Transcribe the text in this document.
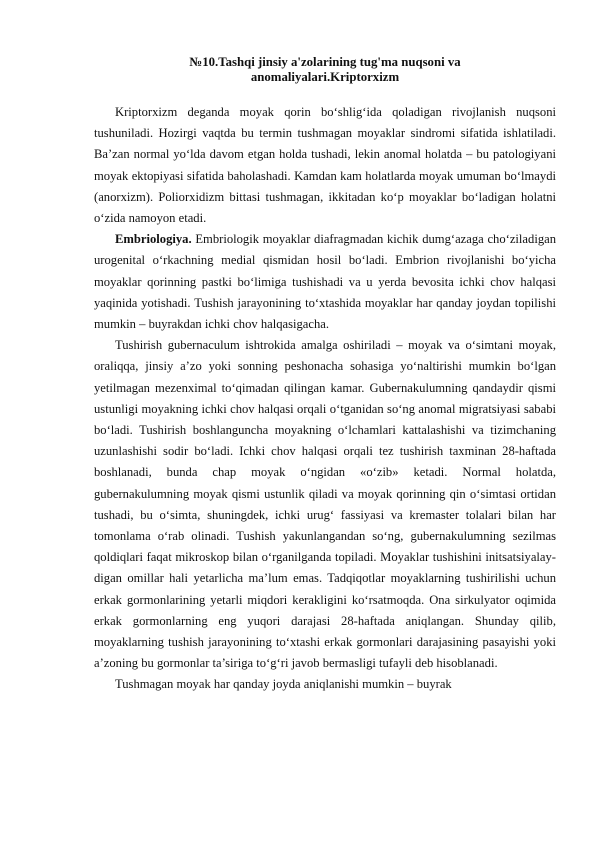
№10.Tashqi jinsiy a'zolarining tug'ma nuqsoni va
anomaliyalari.Kriptorxizm

Kriptorxizm deganda moyak qorin bo‘shlig‘ida qoladigan rivojlanish nuqsoni tushuniladi. Hozirgi vaqtda bu termin tushmagan moyaklar sindromi sifatida ishlatiladi. Ba’zan normal yo‘lda davom etgan holda tushadi, lekin anomal holatda – bu patologiyani moyak ektopiyasi sifatida baholashadi. Kamdan kam holatlarda moyak umuman bo‘lmaydi (anorxizm). Poliorxidizm bittasi tushmagan, ikkitadan ko‘p moyaklar bo‘ladigan holatni o‘zida namoyon etadi.

Embriologiya. Embriologik moyaklar diafragmadan kichik dumg‘azaga cho‘ziladigan urogenital o‘rkachning medial qismidan hosil bo‘ladi. Embrion rivojlanishi bo‘yicha moyaklar qorinning pastki bo‘limiga tushishadi va u yerda bevosita ichki chov halqasi yaqinida yotishadi. Tushish jarayonining to‘xtashida moyaklar har qanday joydan topilishi mumkin – buyrakdan ichki chov halqasigacha.

Tushirish gubernaculum ishtrokida amalga oshiriladi – moyak va o‘simtani moyak, oraliqqa, jinsiy a’zo yoki sonning peshonacha sohasiga yo‘naltirishi mumkin bo‘lgan yetilmagan mezenximal to‘qimadan qilingan kamar. Gubernakulumning qandaydir qismi ustunligi moyakning ichki chov halqasi orqali o‘tganidan so‘ng anomal migratsiyasi sababi bo‘ladi. Tushirish boshlanguncha moyakning o‘lchamlari kattalashishi va tizimchaning uzunlashishi sodir bo‘ladi. Ichki chov halqasi orqali tez tushirish taxminan 28-haftada boshlanadi, bunda chap moyak o‘ngidan «o‘zib» ketadi. Normal holatda, gubernakulumning moyak qismi ustunlik qiladi va moyak qorinning qin o‘simtasi ortidan tushadi, bu o‘simta, shuningdek, ichki urug‘ fassiyasi va kremaster tolalari bilan har tomonlama o‘rab olinadi. Tushish yakunlangandan so‘ng, gubernakulumning sezilmas qoldiqlari faqat mikroskop bilan o‘rganilganda topiladi. Moyaklar tushishini initsatsiyalay-digan omillar hali yetarlicha ma’lum emas. Tadqiqotlar moyaklarning tushirilishi uchun erkak gormonlarining yetarli miqdori kerakligini ko‘rsatmoqda. Ona sirkulyator oqimida erkak gormonlarning eng yuqori darajasi 28-haftada aniqlangan. Shunday qilib, moyaklarning tushish jarayonining to‘xtashi erkak gormonlari darajasining pasayishi yoki a’zoning bu gormonlar ta’siriga to‘g‘ri javob bermasligi tufayli deb hisoblanadi.

Tushmagan moyak har qanday joyda aniqlanishi mumkin – buyrak
